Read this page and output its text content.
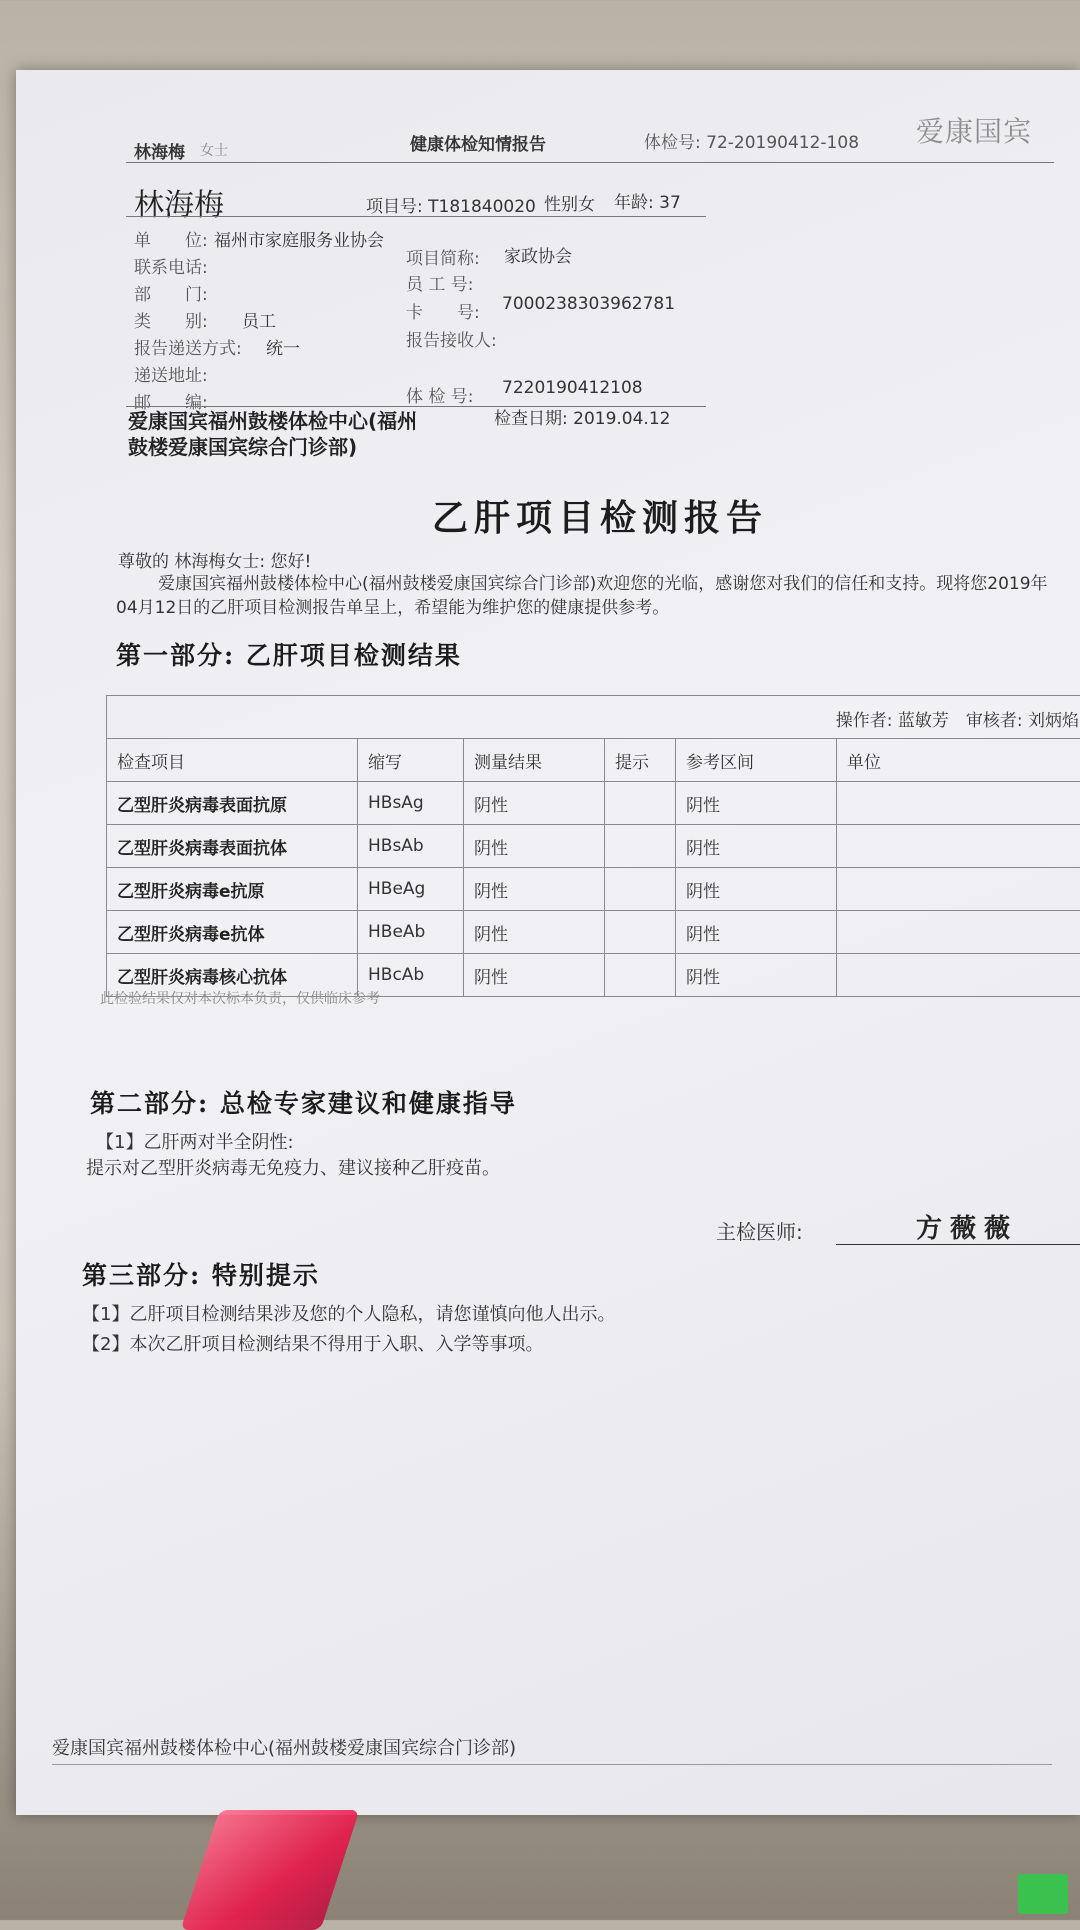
林海梅 女士	健康体检知情报告	体检号: 72-20190412-108 爱康国宾
林海梅	项目号: T181840020 性别女 年龄: 37
单　　位: 福州市家庭服务业协会
联系电话:
部　　门:
类　　别: 员工
报告递送方式: 统一
递送地址:
邮　　编:
项目简称: 家政协会
员 工 号:
卡　　号: 7000238303962781
报告接收人:
体 检 号: 7220190412108
爱康国宾福州鼓楼体检中心(福州鼓楼爱康国宾综合门诊部)
检查日期: 2019.04.12
乙肝项目检测报告
尊敬的 林海梅女士: 您好!
爱康国宾福州鼓楼体检中心(福州鼓楼爱康国宾综合门诊部)欢迎您的光临，感谢您对我们的信任和支持。现将您2019年04月12日的乙肝项目检测报告单呈上，希望能为维护您的健康提供参考。
第一部分: 乙肝项目检测结果
操作者: 蓝敏芳　审核者: 刘炳焰
检查项目	缩写	测量结果	提示	参考区间	单位
乙型肝炎病毒表面抗原	HBsAg	阴性		阴性	
乙型肝炎病毒表面抗体	HBsAb	阴性		阴性	
乙型肝炎病毒e抗原	HBeAg	阴性		阴性	
乙型肝炎病毒e抗体	HBeAb	阴性		阴性	
乙型肝炎病毒核心抗体	HBcAb	阴性		阴性	
此检验结果仅对本次标本负责，仅供临床参考
第二部分: 总检专家建议和健康指导
【1】乙肝两对半全阴性:
提示对乙型肝炎病毒无免疫力、建议接种乙肝疫苗。
主检医师:	方薇薇
第三部分: 特别提示
【1】乙肝项目检测结果涉及您的个人隐私，请您谨慎向他人出示。
【2】本次乙肝项目检测结果不得用于入职、入学等事项。
爱康国宾福州鼓楼体检中心(福州鼓楼爱康国宾综合门诊部)
